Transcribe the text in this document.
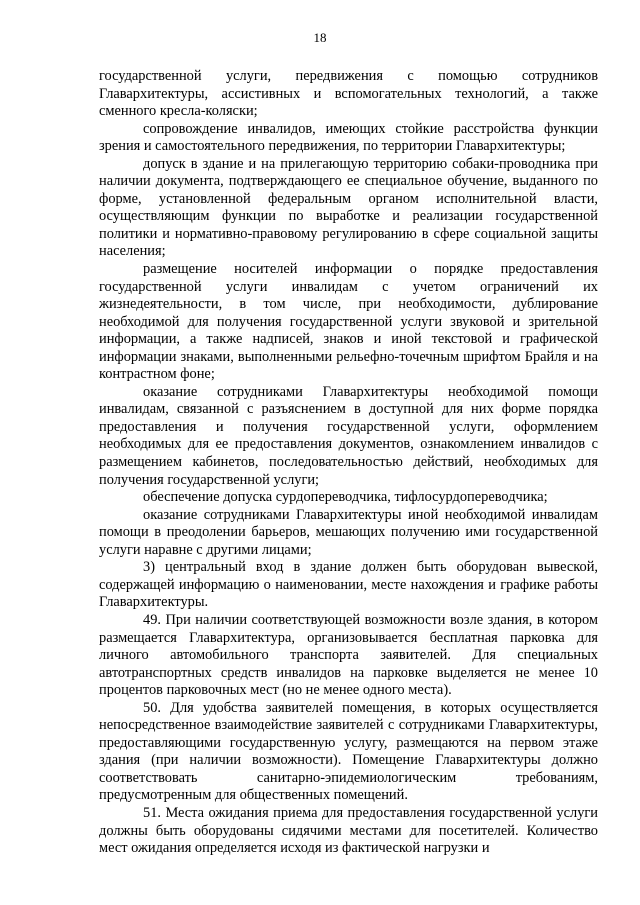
18

государственной услуги, передвижения с помощью сотрудников Главархитектуры, ассистивных и вспомогательных технологий, а также сменного кресла-коляски;

сопровождение инвалидов, имеющих стойкие расстройства функции зрения и самостоятельного передвижения, по территории Главархитектуры;

допуск в здание и на прилегающую территорию собаки-проводника при наличии документа, подтверждающего ее специальное обучение, выданного по форме, установленной федеральным органом исполнительной власти, осуществляющим функции по выработке и реализации государственной политики и нормативно-правовому регулированию в сфере социальной защиты населения;

размещение носителей информации о порядке предоставления государственной услуги инвалидам с учетом ограничений их жизнедеятельности, в том числе, при необходимости, дублирование необходимой для получения государственной услуги звуковой и зрительной информации, а также надписей, знаков и иной текстовой и графической информации знаками, выполненными рельефно-точечным шрифтом Брайля и на контрастном фоне;

оказание сотрудниками Главархитектуры необходимой помощи инвалидам, связанной с разъяснением в доступной для них форме порядка предоставления и получения государственной услуги, оформлением необходимых для ее предоставления документов, ознакомлением инвалидов с размещением кабинетов, последовательностью действий, необходимых для получения государственной услуги;

обеспечение допуска сурдопереводчика, тифлосурдопереводчика;

оказание сотрудниками Главархитектуры иной необходимой инвалидам помощи в преодолении барьеров, мешающих получению ими государственной услуги наравне с другими лицами;

3) центральный вход в здание должен быть оборудован вывеской, содержащей информацию о наименовании, месте нахождения и графике работы Главархитектуры.

49. При наличии соответствующей возможности возле здания, в котором размещается Главархитектура, организовывается бесплатная парковка для личного автомобильного транспорта заявителей. Для специальных автотранспортных средств инвалидов на парковке выделяется не менее 10 процентов парковочных мест (но не менее одного места).

50. Для удобства заявителей помещения, в которых осуществляется непосредственное взаимодействие заявителей с сотрудниками Главархитектуры, предоставляющими государственную услугу, размещаются на первом этаже здания (при наличии возможности). Помещение Главархитектуры должно соответствовать санитарно-эпидемиологическим требованиям, предусмотренным для общественных помещений.

51. Места ожидания приема для предоставления государственной услуги должны быть оборудованы сидячими местами для посетителей. Количество мест ожидания определяется исходя из фактической нагрузки и
